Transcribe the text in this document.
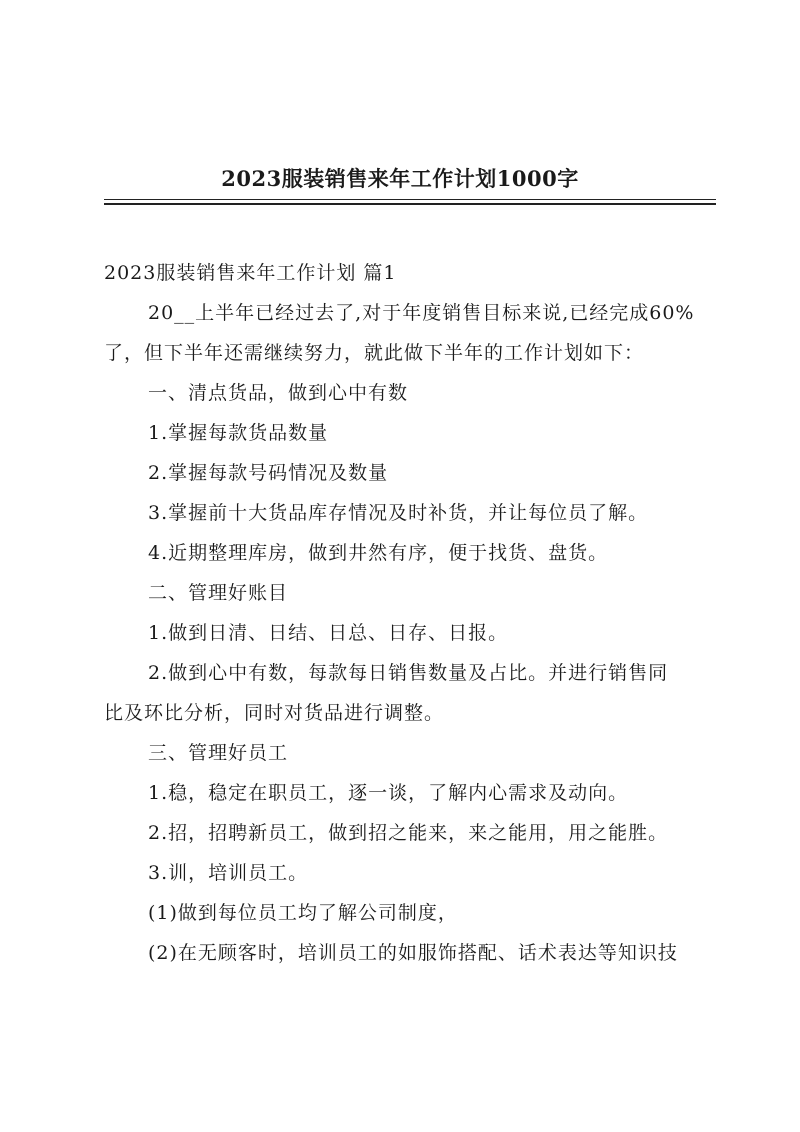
2023服装销售来年工作计划1000字

2023服装销售来年工作计划 篇1

20__上半年已经过去了,对于年度销售目标来说,已经完成60%

了，但下半年还需继续努力，就此做下半年的工作计划如下：

一、清点货品，做到心中有数

1.掌握每款货品数量

2.掌握每款号码情况及数量

3.掌握前十大货品库存情况及时补货，并让每位员了解。

4.近期整理库房，做到井然有序，便于找货、盘货。

二、管理好账目

1.做到日清、日结、日总、日存、日报。

2.做到心中有数，每款每日销售数量及占比。并进行销售同

比及环比分析，同时对货品进行调整。

三、管理好员工

1.稳，稳定在职员工，逐一谈，了解内心需求及动向。

2.招，招聘新员工，做到招之能来，来之能用，用之能胜。

3.训，培训员工。

(1)做到每位员工均了解公司制度，

(2)在无顾客时，培训员工的如服饰搭配、话术表达等知识技
